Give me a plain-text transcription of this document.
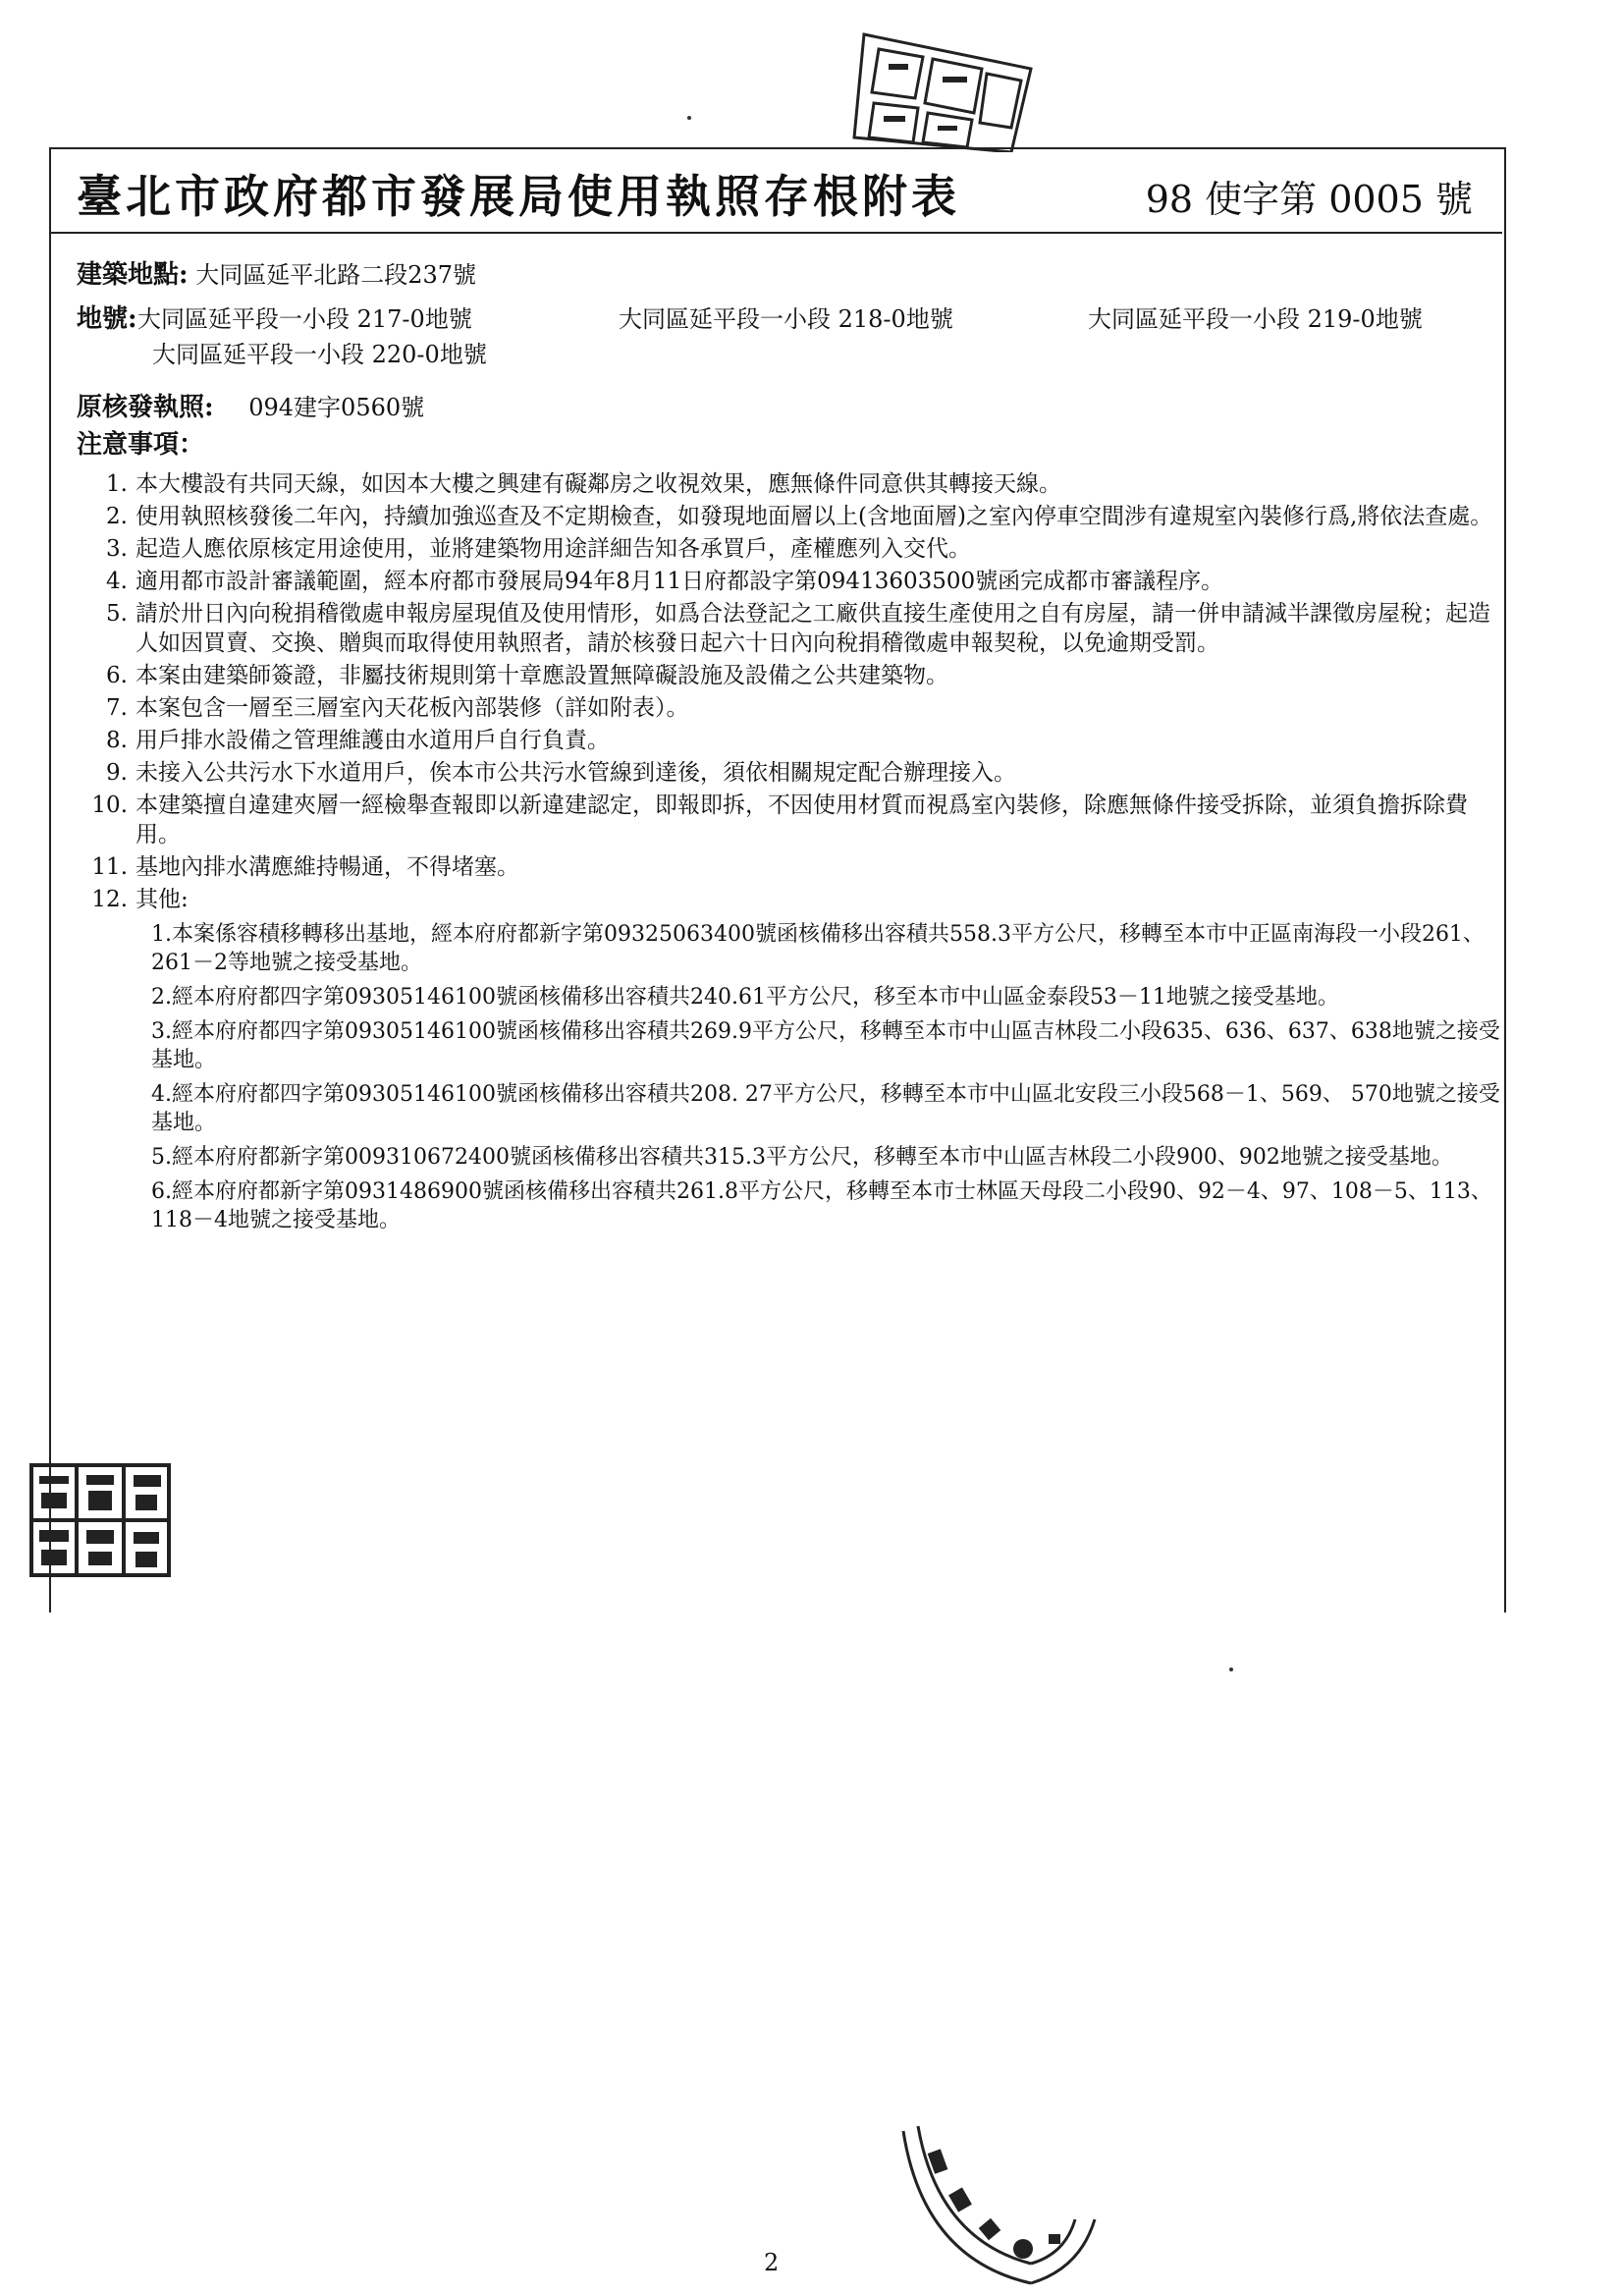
臺北市政府都市發展局使用執照存根附表	98 使字第 0005 號
建築地點: 大同區延平北路二段237號
地號: 大同區延平段一小段 217-0地號	大同區延平段一小段 218-0地號	大同區延平段一小段 219-0地號
大同區延平段一小段 220-0地號
原核發執照: 094建字0560號
注意事項：
1. 本大樓設有共同天線，如因本大樓之興建有礙鄰房之收視效果，應無條件同意供其轉接天線。
2. 使用執照核發後二年內，持續加強巡查及不定期檢查，如發現地面層以上(含地面層)之室內停車空間涉有違規室內裝修行爲,將依法查處。
3. 起造人應依原核定用途使用，並將建築物用途詳細告知各承買戶，產權應列入交代。
4. 適用都市設計審議範圍，經本府都市發展局94年8月11日府都設字第09413603500號函完成都市審議程序。
5. 請於卅日內向稅捐稽徵處申報房屋現值及使用情形，如爲合法登記之工廠供直接生產使用之自有房屋，請一併申請減半課徵房屋稅；起造人如因買賣、交換、贈與而取得使用執照者，請於核發日起六十日內向稅捐稽徵處申報契稅，以免逾期受罰。
6. 本案由建築師簽證，非屬技術規則第十章應設置無障礙設施及設備之公共建築物。
7. 本案包含一層至三層室內天花板內部裝修（詳如附表）。
8. 用戶排水設備之管理維護由水道用戶自行負責。
9. 未接入公共污水下水道用戶，俟本市公共污水管線到達後，須依相關規定配合辦理接入。
10. 本建築擅自違建夾層一經檢舉查報即以新違建認定，即報即拆，不因使用材質而視爲室內裝修，除應無條件接受拆除，並須負擔拆除費用。
11. 基地內排水溝應維持暢通，不得堵塞。
12. 其他:
1.本案係容積移轉移出基地，經本府府都新字第09325063400號函核備移出容積共558.3平方公尺，移轉至本市中正區南海段一小段261、261－2等地號之接受基地。
2.經本府府都四字第09305146100號函核備移出容積共240.61平方公尺，移至本市中山區金泰段53－11地號之接受基地。
3.經本府府都四字第09305146100號函核備移出容積共269.9平方公尺，移轉至本市中山區吉林段二小段635、636、637、638地號之接受基地。
4.經本府府都四字第09305146100號函核備移出容積共208. 27平方公尺，移轉至本市中山區北安段三小段568－1、569、 570地號之接受基地。
5.經本府府都新字第009310672400號函核備移出容積共315.3平方公尺，移轉至本市中山區吉林段二小段900、902地號之接受基地。
6.經本府府都新字第0931486900號函核備移出容積共261.8平方公尺，移轉至本市士林區天母段二小段90、92－4、97、108－5、113、118－4地號之接受基地。
2
